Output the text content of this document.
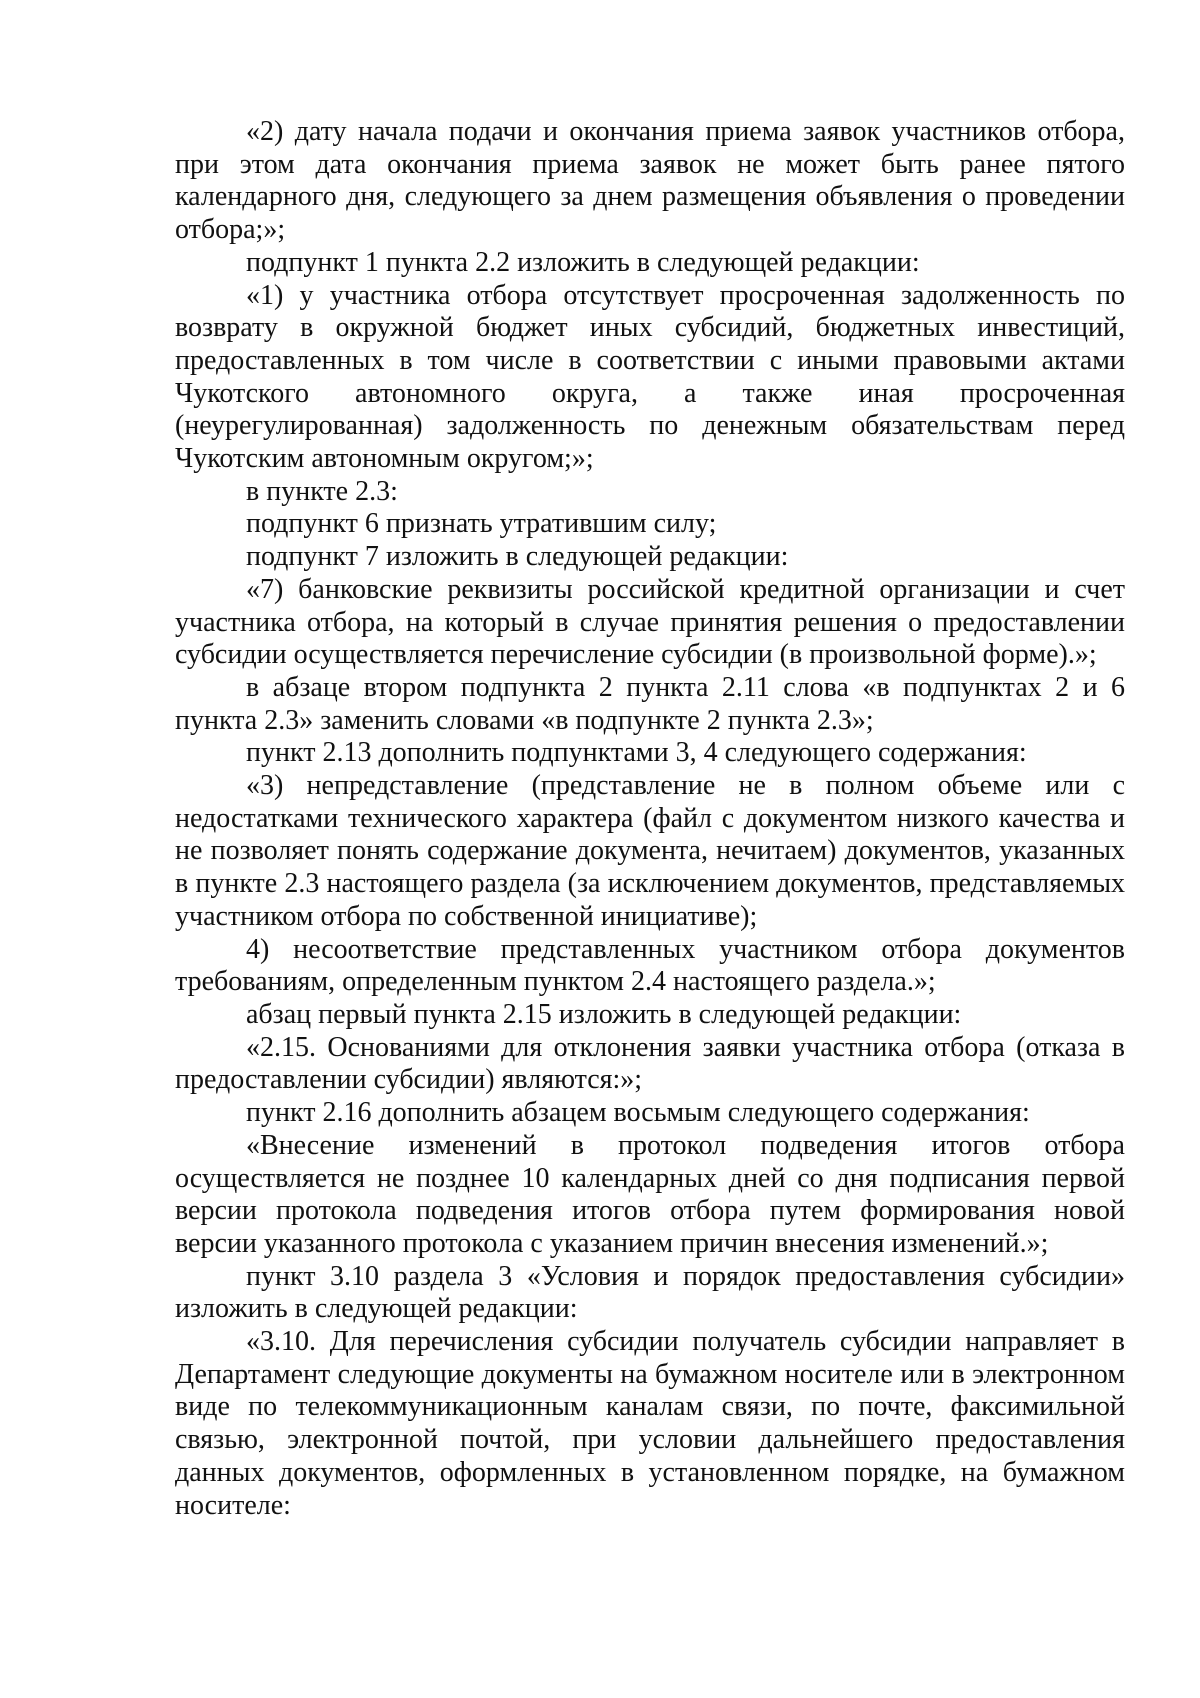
«2) дату начала подачи и окончания приема заявок участников отбора, при этом дата окончания приема заявок не может быть ранее пятого календарного дня, следующего за днем размещения объявления о проведении отбора;»;

подпункт 1 пункта 2.2 изложить в следующей редакции:

«1) у участника отбора отсутствует просроченная задолженность по возврату в окружной бюджет иных субсидий, бюджетных инвестиций, предоставленных в том числе в соответствии с иными правовыми актами Чукотского автономного округа, а также иная просроченная (неурегулированная) задолженность по денежным обязательствам перед Чукотским автономным округом;»;

в пункте 2.3:

подпункт 6 признать утратившим силу;

подпункт 7 изложить в следующей редакции:

«7) банковские реквизиты российской кредитной организации и счет участника отбора, на который в случае принятия решения о предоставлении субсидии осуществляется перечисление субсидии (в произвольной форме).»;

в абзаце втором подпункта 2 пункта 2.11 слова «в подпунктах 2 и 6 пункта 2.3» заменить словами «в подпункте 2 пункта 2.3»;

пункт 2.13 дополнить подпунктами 3, 4 следующего содержания:

«3) непредставление (представление не в полном объеме или с недостатками технического характера (файл с документом низкого качества и не позволяет понять содержание документа, нечитаем) документов, указанных в пункте 2.3 настоящего раздела (за исключением документов, представляемых участником отбора по собственной инициативе);

4) несоответствие представленных участником отбора документов требованиям, определенным пунктом 2.4 настоящего раздела.»;

абзац первый пункта 2.15 изложить в следующей редакции:

«2.15. Основаниями для отклонения заявки участника отбора (отказа в предоставлении субсидии) являются:»;

пункт 2.16 дополнить абзацем восьмым следующего содержания:

«Внесение изменений в протокол подведения итогов отбора осуществляется не позднее 10 календарных дней со дня подписания первой версии протокола подведения итогов отбора путем формирования новой версии указанного протокола с указанием причин внесения изменений.»;

пункт 3.10 раздела 3 «Условия и порядок предоставления субсидии» изложить в следующей редакции:

«3.10. Для перечисления субсидии получатель субсидии направляет в Департамент следующие документы на бумажном носителе или в электронном виде по телекоммуникационным каналам связи, по почте, факсимильной связью, электронной почтой, при условии дальнейшего предоставления данных документов, оформленных в установленном порядке, на бумажном носителе:
